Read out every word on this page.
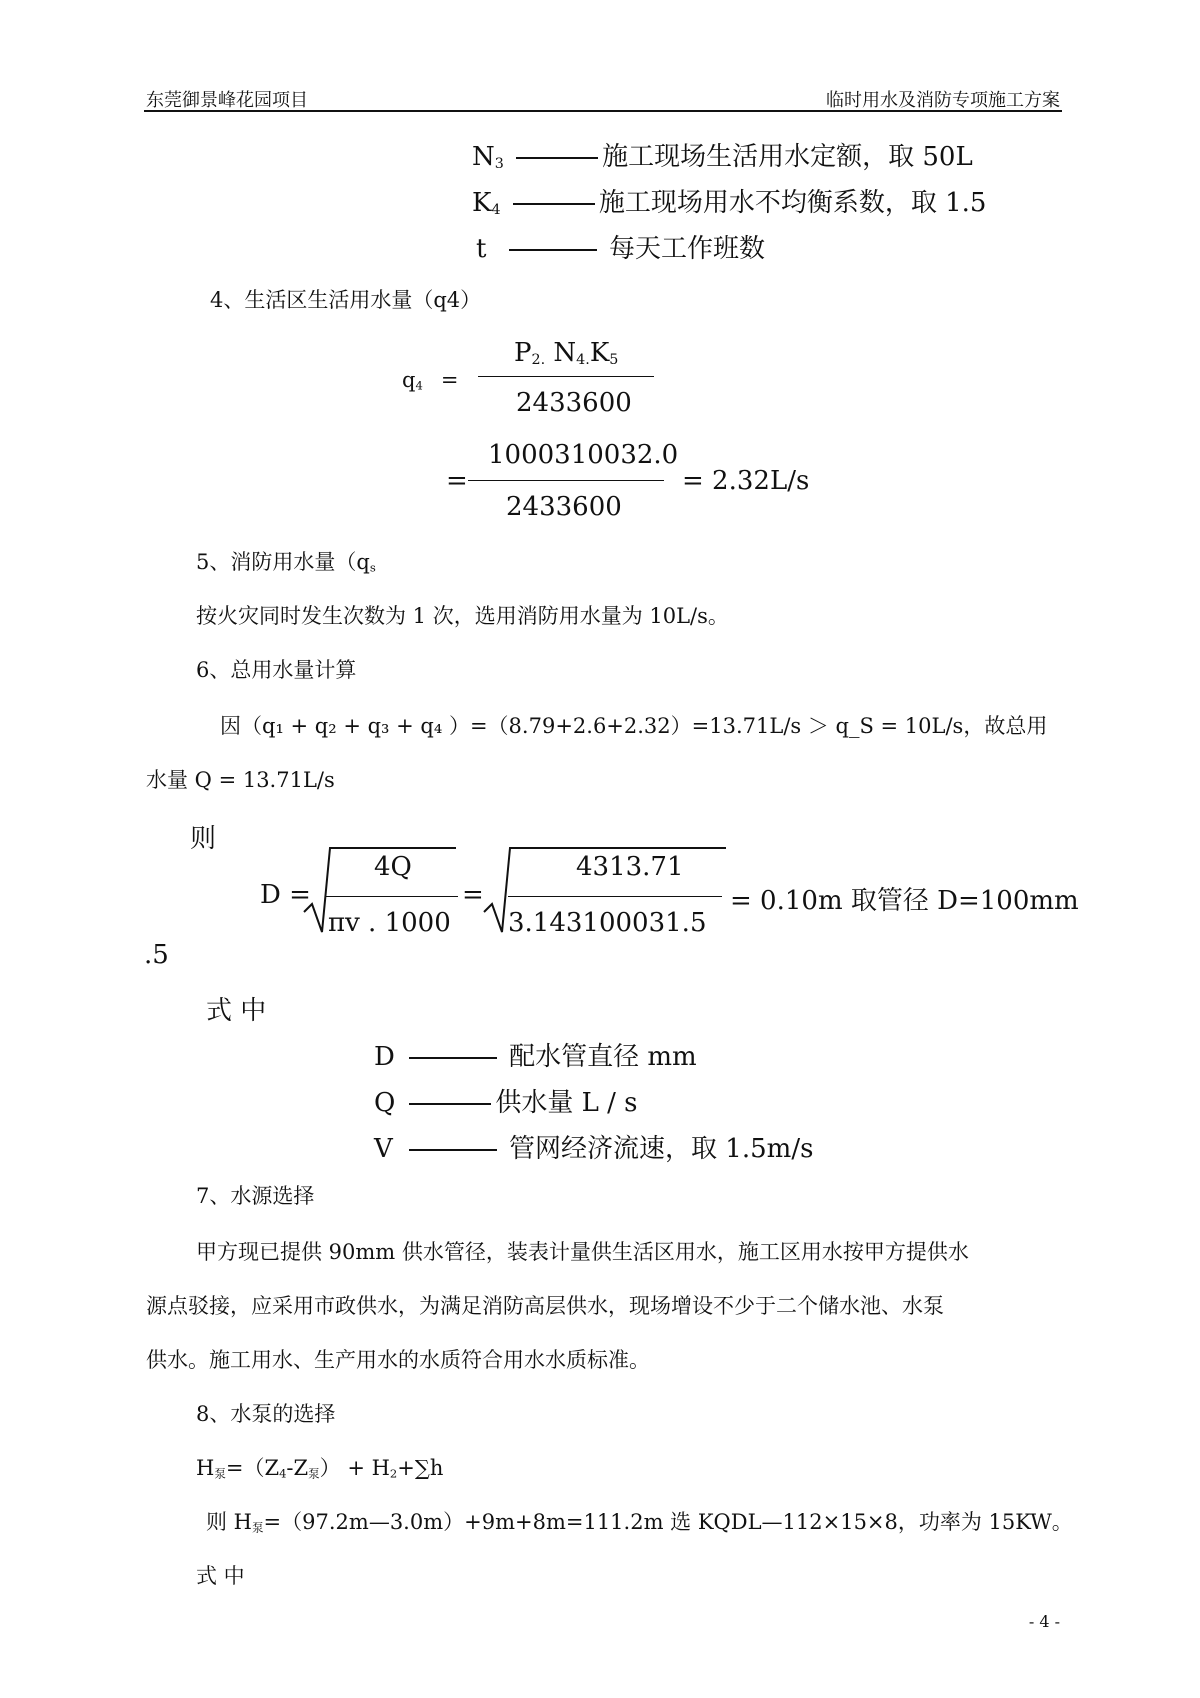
东莞御景峰花园项目	临时用水及消防专项施工方案
$N_3$	施工现场生活用水定额，取 50L
$K_4$	施工现场用水不均衡系数，取 1.5
t	每天工作班数
4、生活区生活用水量（q4）
$q_4$ =
$P_{2.}$ $N_{4.}K_5$
2433600
=
1000310032.0
2433600
= 2.32L/s
5、消防用水量（$q_s$
按火灾同时发生次数为 1 次，选用消防用水量为 10L/s。
6、总用水量计算
因（q₁ + q₂ + q₃ + q₄ ）=（8.79+2.6+2.32）=13.71L/s ＞ q_S = 10L/s，故总用
水量 Q = 13.71L/s
则
D =
4Q
πv . 1000
=
4313.71
3.143100031.5
= 0.10m 取管径 D=100mm
.5
式 中
D	配水管直径 mm
Q	供水量 L / s
V	管网经济流速，取 1.5m/s
7、水源选择
甲方现已提供 90mm 供水管径，装表计量供生活区用水，施工区用水按甲方提供水
源点驳接，应采用市政供水，为满足消防高层供水，现场增设不少于二个储水池、水泵
供水。施工用水、生产用水的水质符合用水水质标准。
8、水泵的选择
$H_泵=(Z_4-Z_泵) + H_2+\sum h$
则 $H_泵=(97.2m—3.0m)+9m+8m=111.2m$ 选 KQDL—112×15×8，功率为 15KW。
式 中
- 4 -
